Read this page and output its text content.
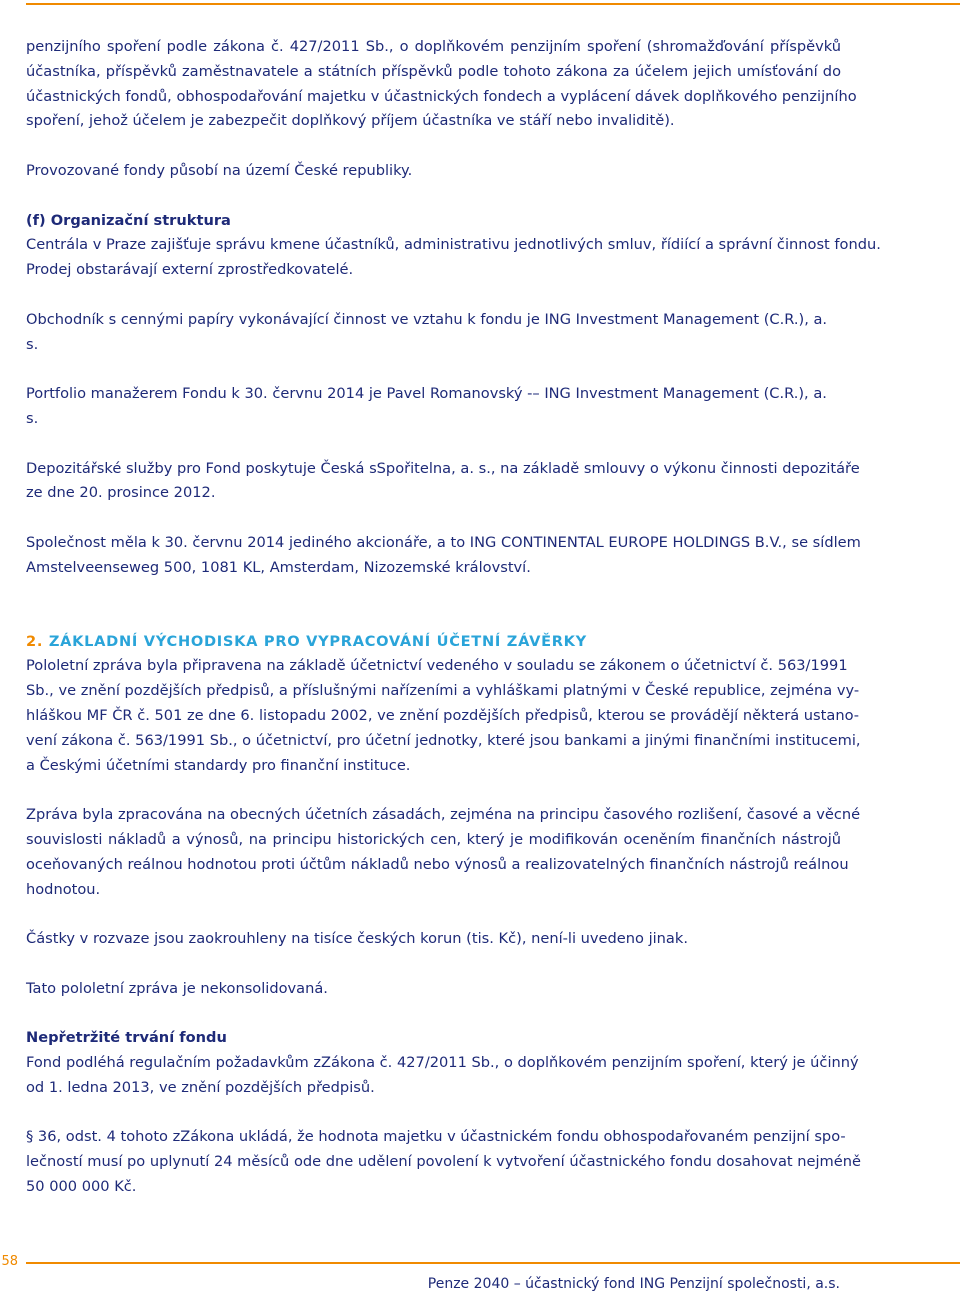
penzijního spoření podle zákona č. 427/2011 Sb., o doplňkovém penzijním spoření (shromažďování příspěvků
účastníka, příspěvků zaměstnavatele a státních příspěvků podle tohoto zákona za účelem jejich umísťování do
účastnických fondů, obhospodařování majetku v účastnických fondech a vyplácení dávek doplňkového penzijního
spoření, jehož účelem je zabezpečit doplňkový příjem účastníka ve stáří nebo invaliditě).

Provozované fondy působí na území České republiky.

(f) Organizační struktura
Centrála v Praze zajišťuje správu kmene účastníků, administrativu jednotlivých smluv, řídiící a správní činnost fondu.
Prodej obstarávají externí zprostředkovatelé.

Obchodník s cennými papíry vykonávající činnost ve vztahu k fondu je ING Investment Management (C.R.), a. s.

Portfolio manažerem Fondu k 30. červnu 2014 je Pavel Romanovský -– ING Investment Management (C.R.), a. s.

Depozitářské služby pro Fond poskytuje Česká sSpořitelna, a. s., na základě smlouvy o výkonu činnosti depozitáře
ze dne 20. prosince 2012.

Společnost měla k 30. červnu 2014 jediného akcionáře, a to ING CONTINENTAL EUROPE HOLDINGS B.V., se sídlem
Amstelveenseweg 500, 1081 KL, Amsterdam, Nizozemské království.

2. ZÁKLADNÍ VÝCHODISKA PRO VYPRACOVÁNÍ ÚČETNÍ ZÁVĚRKY

Pololetní zpráva byla připravena na základě účetnictví vedeného v souladu se zákonem o účetnictví č. 563/1991
Sb., ve znění pozdějších předpisů, a příslušnými nařízeními a vyhláškami platnými v České republice, zejména vy-
hláškou MF ČR č. 501 ze dne 6. listopadu 2002, ve znění pozdějších předpisů, kterou se provádějí některá ustano-
vení zákona č. 563/1991 Sb., o účetnictví, pro účetní jednotky, které jsou bankami a jinými finančními institucemi,
a Českými účetními standardy pro finanční instituce.

Zpráva byla zpracována na obecných účetních zásadách, zejména na principu časového rozlišení, časové a věcné
souvislosti nákladů a výnosů, na principu historických cen, který je modifikován oceněním finančních nástrojů
oceňovaných reálnou hodnotou proti účtům nákladů nebo výnosů a realizovatelných finančních nástrojů reálnou
hodnotou.

Částky v rozvaze jsou zaokrouhleny na tisíce českých korun (tis. Kč), není-li uvedeno jinak.

Tato pololetní zpráva je nekonsolidovaná.

Nepřetržité trvání fondu
Fond podléhá regulačním požadavkům zZákona č. 427/2011 Sb., o doplňkovém penzijním spoření, který je účinný
od 1. ledna 2013, ve znění pozdějších předpisů.

§ 36, odst. 4 tohoto zZákona ukládá, že hodnota majetku v účastnickém fondu obhospodařovaném penzijní spo-
lečností musí po uplynutí 24 měsíců ode dne udělení povolení k vytvoření účastnického fondu dosahovat nejméně
50 000 000 Kč.

58
Penze 2040 – účastnický fond ING Penzijní společnosti, a.s.
